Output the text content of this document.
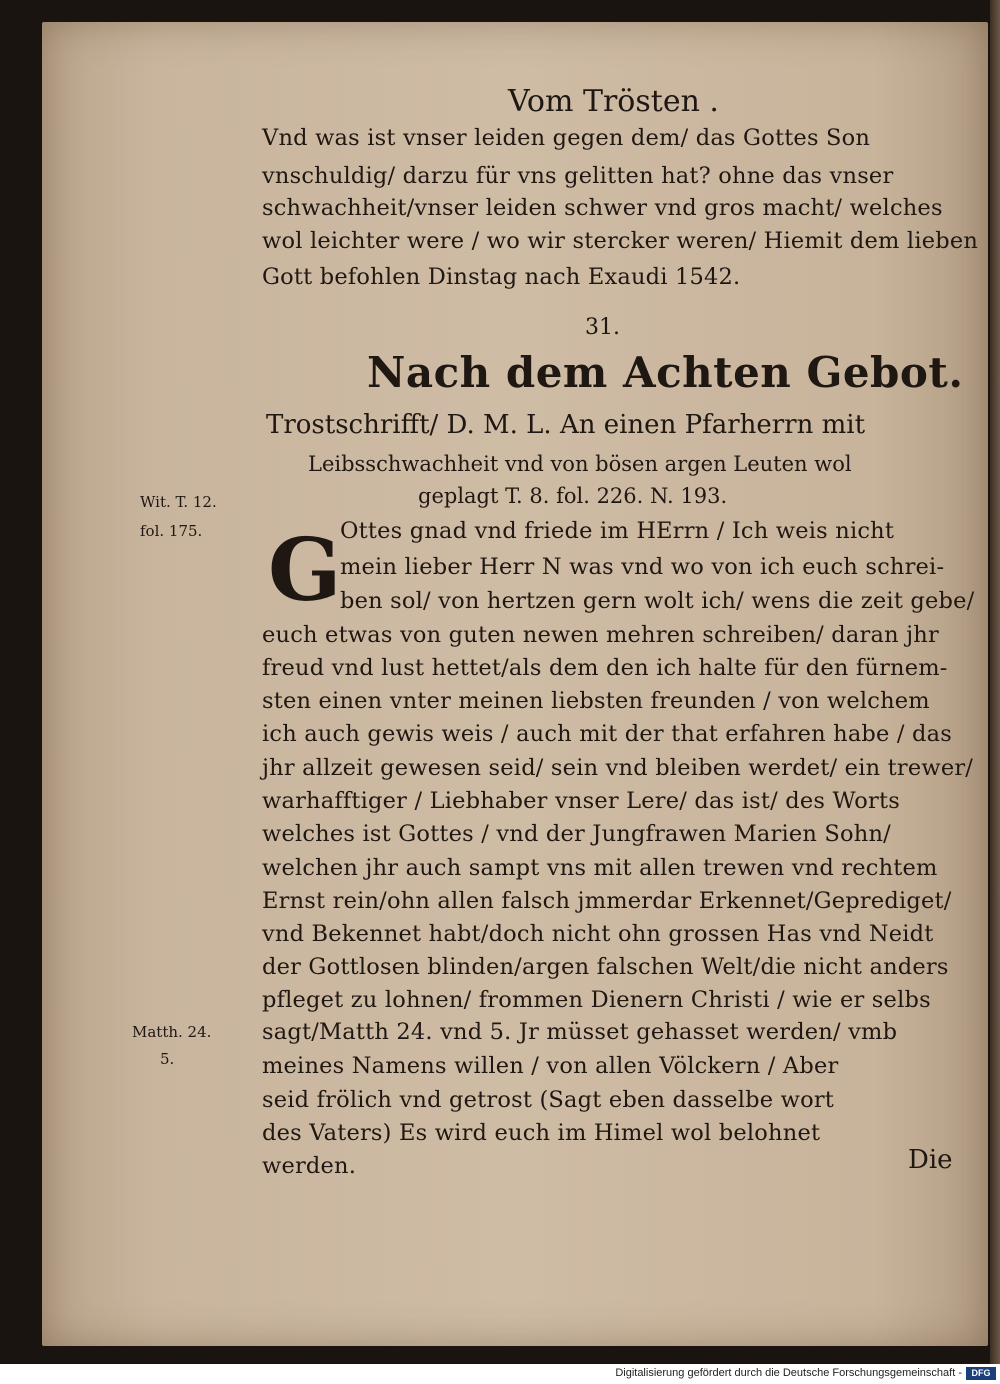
Vom Trösten .
Vnd was ist vnser leiden gegen dem/ das Gottes Son
vnschuldig/ darzu für vns gelitten hat? ohne das vnser
schwachheit/vnser leiden schwer vnd gros macht/ welches
wol leichter were / wo wir stercker weren/ Hiemit dem lieben
Gott befohlen Dinstag nach Exaudi 1542.
31.
Nach dem Achten Gebot.
Trostschrifft/ D. M. L. An einen Pfarherrn mit
Leibsschwachheit vnd von bösen argen Leuten wol
geplagt T. 8. fol. 226. N. 193.
Wit. T. 12.
fol. 175.
Matth. 24.
5.
G
Ottes gnad vnd friede im HErrn / Ich weis nicht
mein lieber Herr N was vnd wo von ich euch schrei-
ben sol/ von hertzen gern wolt ich/ wens die zeit gebe/
euch etwas von guten newen mehren schreiben/ daran jhr
freud vnd lust hettet/als dem den ich halte für den fürnem-
sten einen vnter meinen liebsten freunden / von welchem
ich auch gewis weis / auch mit der that erfahren habe / das
jhr allzeit gewesen seid/ sein vnd bleiben werdet/ ein trewer/
warhafftiger / Liebhaber vnser Lere/ das ist/ des Worts
welches ist Gottes / vnd der Jungfrawen Marien Sohn/
welchen jhr auch sampt vns mit allen trewen vnd rechtem
Ernst rein/ohn allen falsch jmmerdar Erkennet/Geprediget/
vnd Bekennet habt/doch nicht ohn grossen Has vnd Neidt
der Gottlosen blinden/argen falschen Welt/die nicht anders
pfleget zu lohnen/ frommen Dienern Christi / wie er selbs
sagt/Matth 24. vnd 5. Jr müsset gehasset werden/ vmb
meines Namens willen / von allen Völckern / Aber
seid frölich vnd getrost (Sagt eben dasselbe wort
des Vaters) Es wird euch im Himel wol belohnet
werden.	Die
Digitalisierung gefördert durch die Deutsche Forschungsgemeinschaft -	DFG
